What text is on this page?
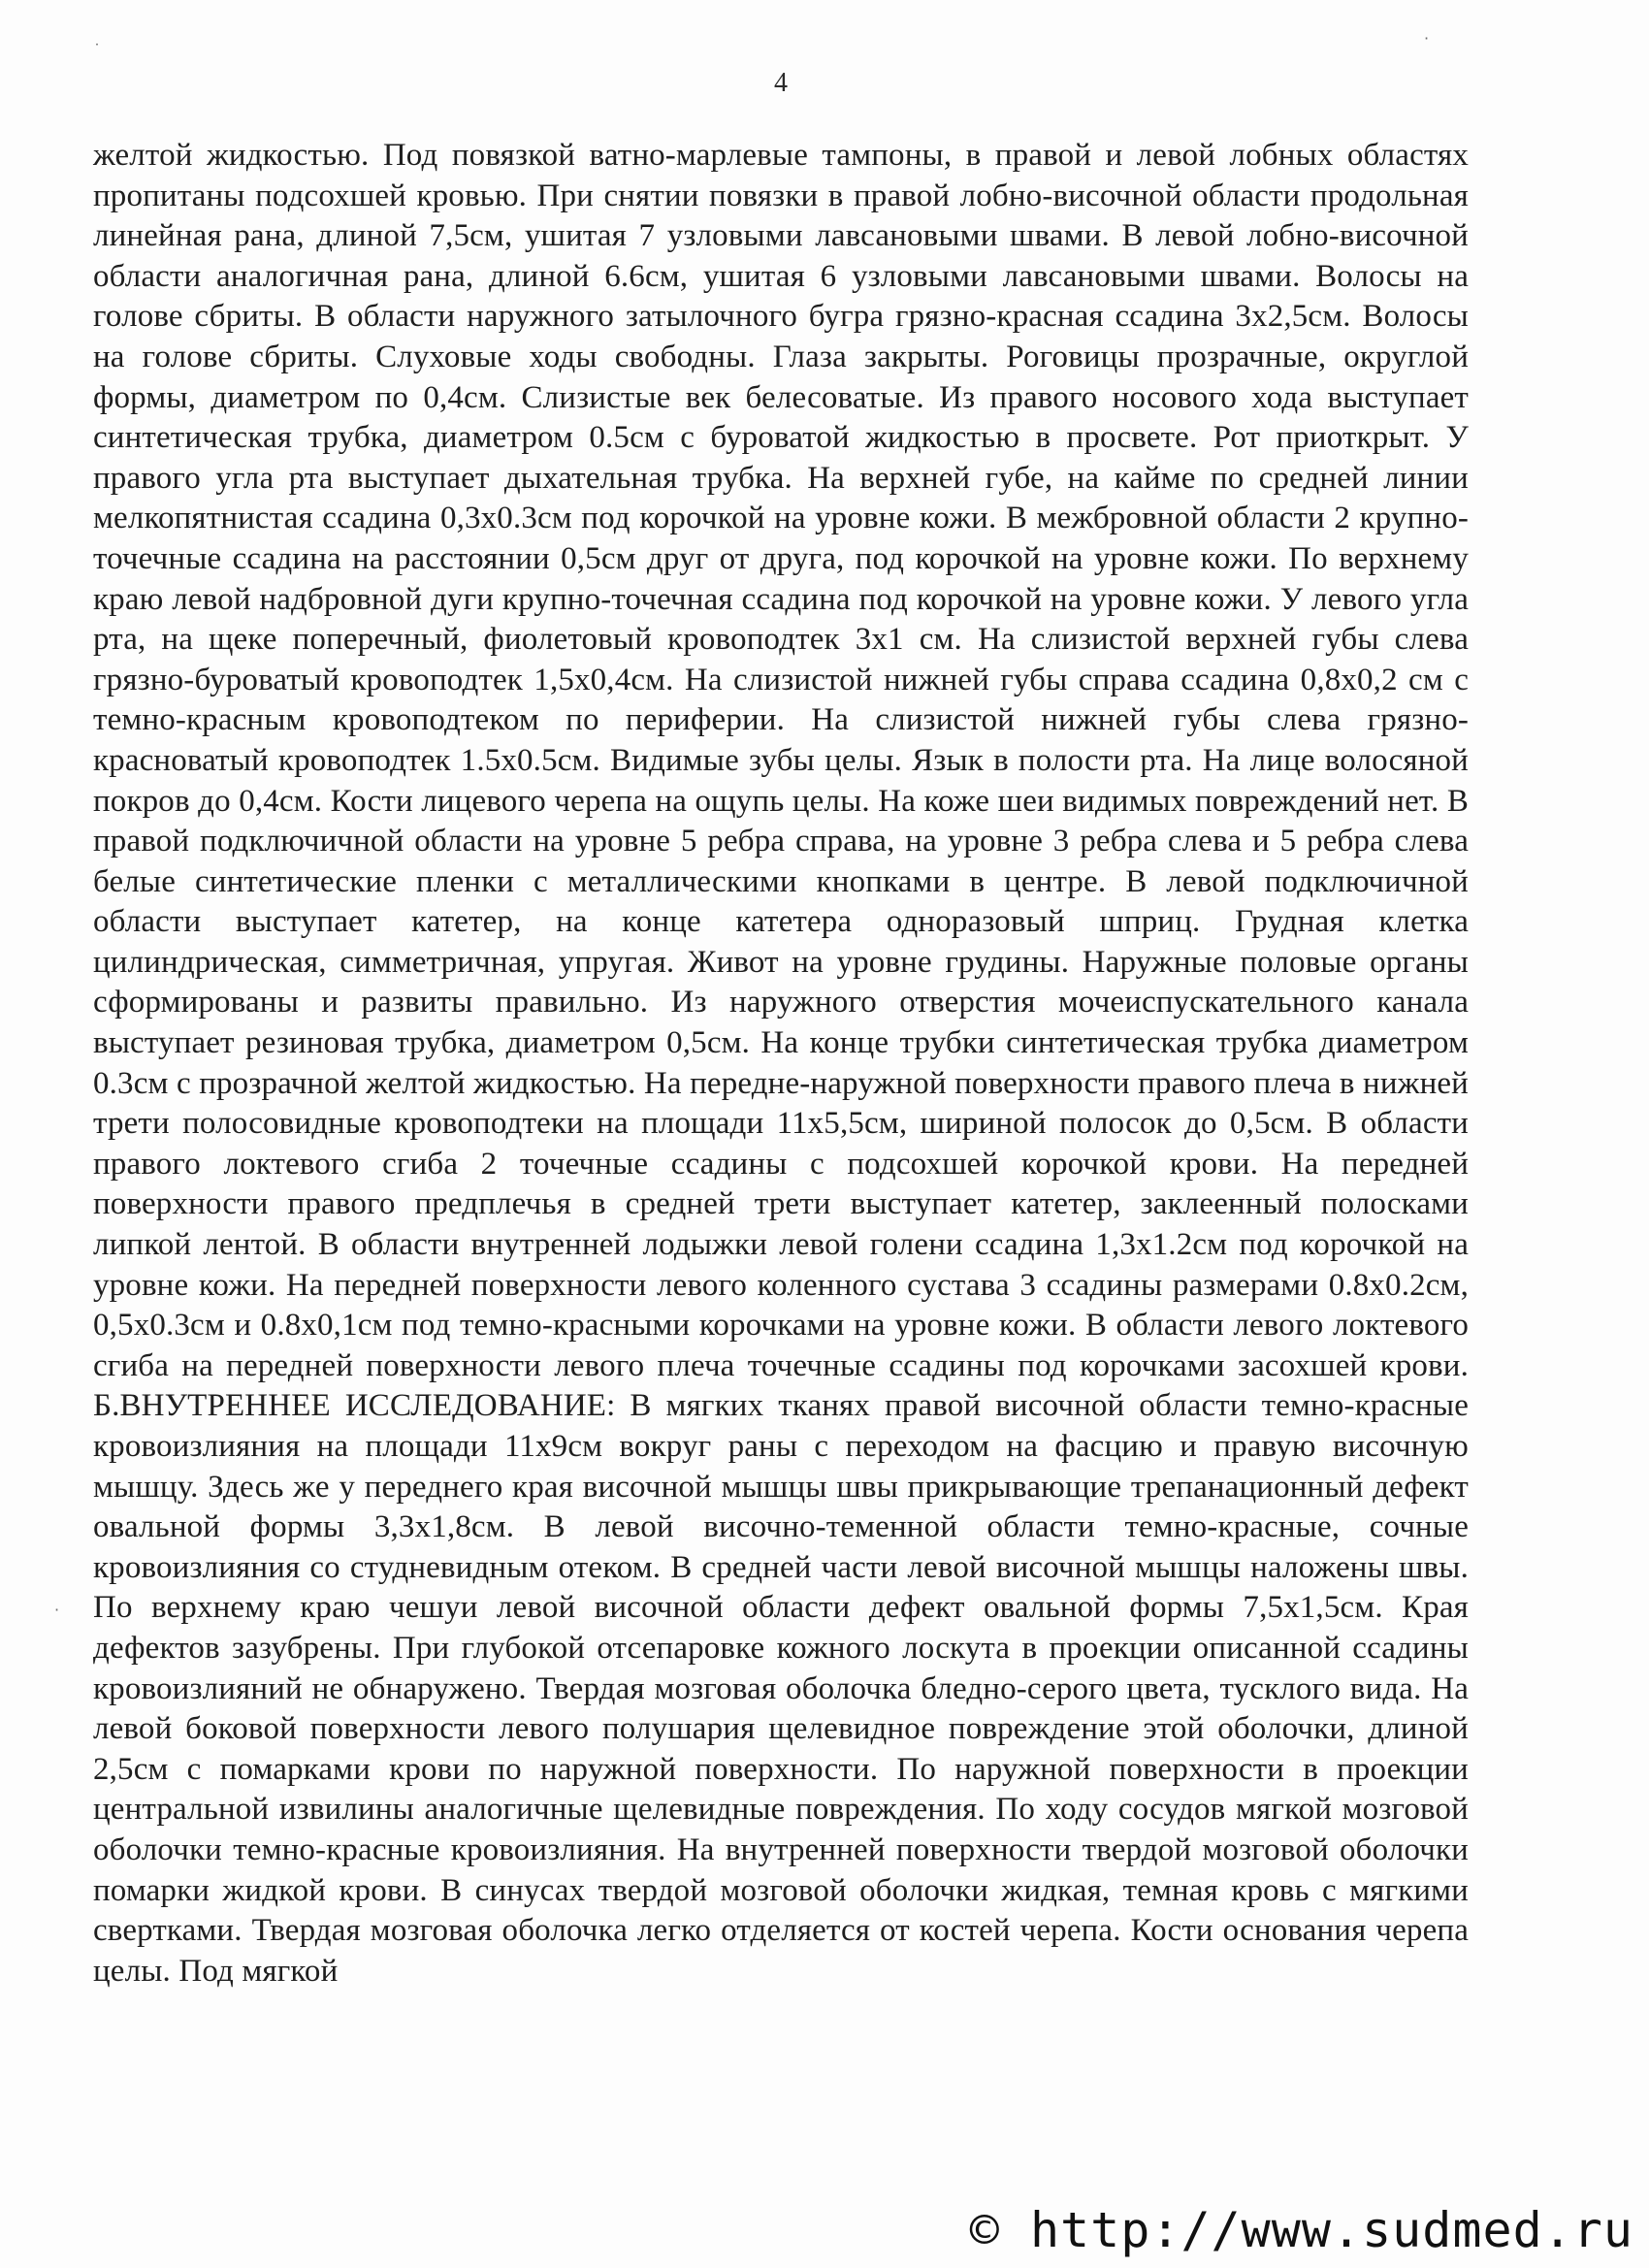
˙
·
·
4

желтой жидкостью. Под повязкой ватно-марлевые тампоны, в правой и левой лобных областях пропитаны подсохшей кровью. При снятии повязки в правой лобно-височной области продольная линейная рана, длиной 7,5см, ушитая 7 узловыми лавсановыми швами. В левой лобно-височной области аналогичная рана, длиной 6.6см, ушитая 6 узловыми лавсановыми швами. Волосы на голове сбриты. В области наружного затылочного бугра грязно-красная ссадина 3х2,5см. Волосы на голове сбриты. Слуховые ходы свободны. Глаза закрыты. Роговицы прозрачные, округлой формы, диаметром по 0,4см. Слизистые век белесоватые. Из правого носового хода выступает синтетическая трубка, диаметром 0.5см с буроватой жидкостью в просвете. Рот приоткрыт. У правого угла рта выступает дыхательная трубка. На верхней губе, на кайме по средней линии мелкопятнистая ссадина 0,3х0.3см под корочкой на уровне кожи. В межбровной области 2 крупно-точечные ссадина на расстоянии 0,5см друг от друга, под корочкой на уровне кожи. По верхнему краю левой надбровной дуги крупно-точечная ссадина под корочкой на уровне кожи. У левого угла рта, на щеке поперечный, фиолетовый кровоподтек 3х1 см. На слизистой верхней губы слева грязно-буроватый кровоподтек 1,5х0,4см. На слизистой нижней губы справа ссадина 0,8х0,2 см с темно-красным кровоподтеком по периферии. На слизистой нижней губы слева грязно-красноватый кровоподтек 1.5х0.5см. Видимые зубы целы. Язык в полости рта. На лице волосяной покров до 0,4см. Кости лицевого черепа на ощупь целы. На коже шеи видимых повреждений нет. В правой подключичной области на уровне 5 ребра справа, на уровне 3 ребра слева и 5 ребра слева белые синтетические пленки с металлическими кнопками в центре. В левой подключичной области выступает катетер, на конце катетера одноразовый шприц. Грудная клетка цилиндрическая, симметричная, упругая. Живот на уровне грудины. Наружные половые органы сформированы и развиты правильно. Из наружного отверстия мочеиспускательного канала выступает резиновая трубка, диаметром 0,5см. На конце трубки синтетическая трубка диаметром 0.3см с прозрачной желтой жидкостью. На передне-наружной поверхности правого плеча в нижней трети полосовидные кровоподтеки на площади 11х5,5см, шириной полосок до 0,5см. В области правого локтевого сгиба 2 точечные ссадины с подсохшей корочкой крови. На передней поверхности правого предплечья в средней трети выступает катетер, заклеенный полосками липкой лентой. В области внутренней лодыжки левой голени ссадина 1,3х1.2см под корочкой на уровне кожи. На передней поверхности левого коленного сустава 3 ссадины размерами 0.8х0.2см, 0,5х0.3см и 0.8х0,1см под темно-красными корочками на уровне кожи. В области левого локтевого сгиба на передней поверхности левого плеча точечные ссадины под корочками засохшей крови. Б.ВНУТРЕННЕЕ ИССЛЕДОВАНИЕ: В мягких тканях правой височной области темно-красные кровоизлияния на площади 11х9см вокруг раны с переходом на фасцию и правую височную мышцу. Здесь же у переднего края височной мышцы швы прикрывающие трепанационный дефект овальной формы 3,3х1,8см. В левой височно-теменной области темно-красные, сочные кровоизлияния со студневидным отеком. В средней части левой височной мышцы наложены швы. По верхнему краю чешуи левой височной области дефект овальной формы 7,5х1,5см. Края дефектов зазубрены. При глубокой отсепаровке кожного лоскута в проекции описанной ссадины кровоизлияний не обнаружено. Твердая мозговая оболочка бледно-серого цвета, тусклого вида. На левой боковой поверхности левого полушария щелевидное повреждение этой оболочки, длиной 2,5см с помарками крови по наружной поверхности. По наружной поверхности в проекции центральной извилины аналогичные щелевидные повреждения. По ходу сосудов мягкой мозговой оболочки темно-красные кровоизлияния. На внутренней поверхности твердой мозговой оболочки помарки жидкой крови. В синусах твердой мозговой оболочки жидкая, темная кровь с мягкими свертками. Твердая мозговая оболочка легко отделяется от костей черепа. Кости основания черепа целы. Под мягкой

© http://www.sudmed.ru
